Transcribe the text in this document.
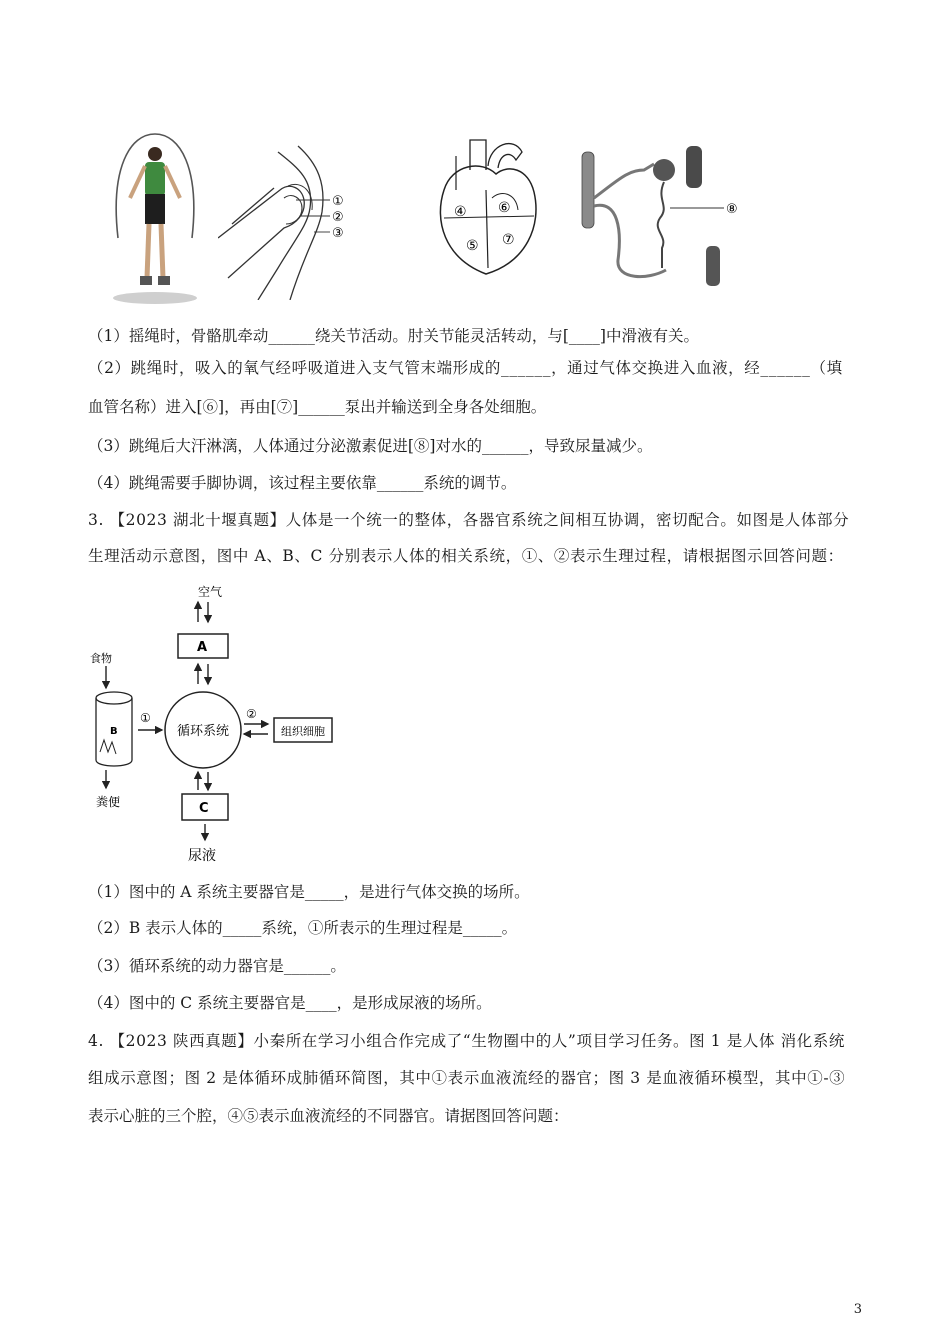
①
②
③
④
⑤
⑥
⑦
⑧
（1）摇绳时，骨骼肌牵动______绕关节活动。肘关节能灵活转动，与[____]中滑液有关。
（2）跳绳时，吸入的氧气经呼吸道进入支气管末端形成的______，通过气体交换进入血液，经______（填
血管名称）进入[⑥]，再由[⑦]______泵出并输送到全身各处细胞。
（3）跳绳后大汗淋漓，人体通过分泌激素促进[⑧]对水的______，导致尿量减少。
（4）跳绳需要手脚协调，该过程主要依靠______系统的调节。
3. 【2023 湖北十堰真题】人体是一个统一的整体，各器官系统之间相互协调，密切配合。如图是人体部分
生理活动示意图，图中 A、B、C 分别表示人体的相关系统，①、②表示生理过程，请根据图示回答问题：
空气
A
循环系统
食物
B
①
粪便
②
组织细胞
C
尿液
（1）图中的 A 系统主要器官是_____，是进行气体交换的场所。
（2）B 表示人体的_____系统，①所表示的生理过程是_____。
（3）循环系统的动力器官是______。
（4）图中的 C 系统主要器官是____，是形成尿液的场所。
4. 【2023 陕西真题】小秦所在学习小组合作完成了“生物圈中的人”项目学习任务。图 1 是人体 消化系统
组成示意图；图 2 是体循环成肺循环简图，其中①表示血液流经的器官；图 3 是血液循环模型，其中①-③
表示心脏的三个腔，④⑤表示血液流经的不同器官。请据图回答问题：
3
